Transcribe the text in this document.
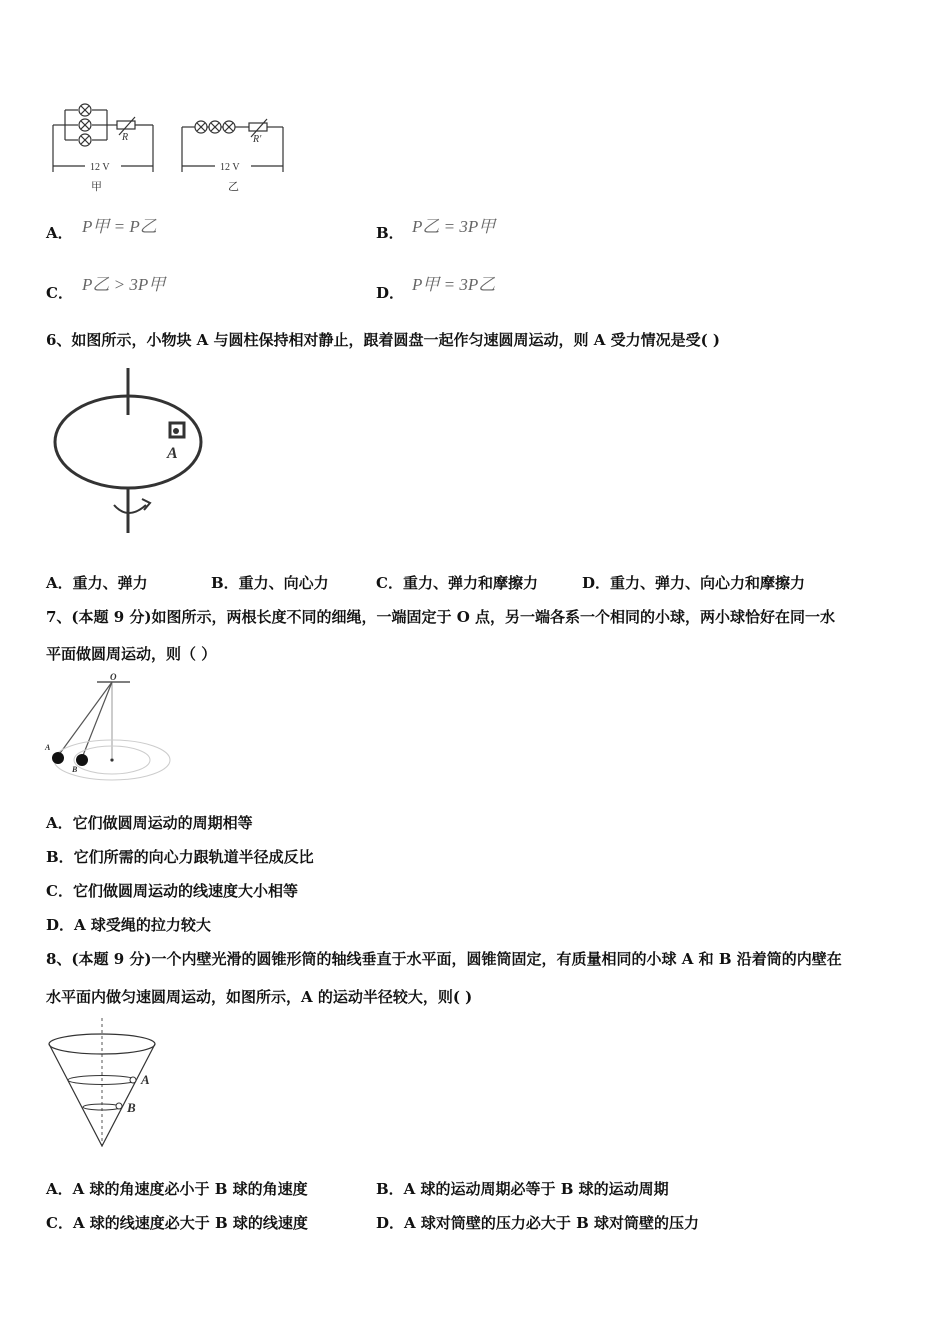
R
12 V
甲
R'
12 V
乙
A． P甲 = P乙	B． P乙 = 3P甲
C． P乙 > 3P甲	D． P甲 = 3P乙
6、如图所示，小物块 A 与圆柱保持相对静止，跟着圆盘一起作匀速圆周运动，则 A 受力情况是受( )
A
A．重力、弹力	B．重力、向心力	C．重力、弹力和摩擦力	D．重力、弹力、向心力和摩擦力
7、(本题 9 分)如图所示，两根长度不同的细绳，一端固定于 O 点，另一端各系一个相同的小球，两小球恰好在同一水
平面做圆周运动，则（ ）
O
A
B
A．它们做圆周运动的周期相等
B．它们所需的向心力跟轨道半径成反比
C．它们做圆周运动的线速度大小相等
D．A 球受绳的拉力较大
8、(本题 9 分)一个内壁光滑的圆锥形筒的轴线垂直于水平面，圆锥筒固定，有质量相同的小球 A 和 B 沿着筒的内壁在
水平面内做匀速圆周运动，如图所示，A 的运动半径较大，则( )
A
B
A．A 球的角速度必小于 B 球的角速度	B．A 球的运动周期必等于 B 球的运动周期
C．A 球的线速度必大于 B 球的线速度	D．A 球对筒壁的压力必大于 B 球对筒壁的压力
